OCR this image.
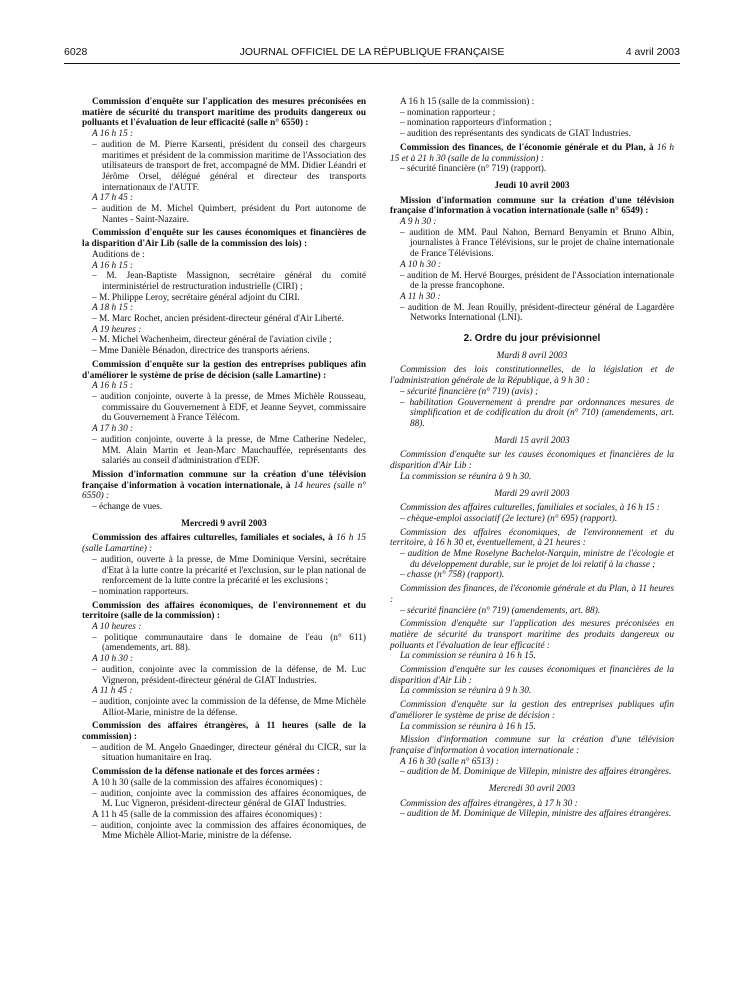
6028	JOURNAL OFFICIEL DE LA RÉPUBLIQUE FRANÇAISE	4 avril 2003
Commission d'enquête sur l'application des mesures préconisées en matière de sécurité du transport maritime des produits dangereux ou polluants et l'évaluation de leur efficacité (salle n° 6550) :
A 16 h 15 :
– audition de M. Pierre Karsenti, président du conseil des chargeurs maritimes et président de la commission maritime de l'Association des utilisateurs de transport de fret, accompagné de MM. Didier Léandri et Jérôme Orsel, délégué général et directeur des transports internationaux de l'AUTF.
A 17 h 45 :
– audition de M. Michel Quimbert, président du Port autonome de Nantes - Saint-Nazaire.
Commission d'enquête sur les causes économiques et financières de la disparition d'Air Lib (salle de la commission des lois) :
Auditions de :
A 16 h 15 :
– M. Jean-Baptiste Massignon, secrétaire général du comité interministériel de restructuration industrielle (CIRI) ;
– M. Philippe Leroy, secrétaire général adjoint du CIRI.
A 18 h 15 :
– M. Marc Rochet, ancien président-directeur général d'Air Liberté.
A 19 heures :
– M. Michel Wachenheim, directeur général de l'aviation civile ;
– Mme Danièle Bénadon, directrice des transports aériens.
Commission d'enquête sur la gestion des entreprises publiques afin d'améliorer le système de prise de décision (salle Lamartine) :
A 16 h 15 :
– audition conjointe, ouverte à la presse, de Mmes Michèle Rousseau, commissaire du Gouvernement à EDF, et Jeanne Seyvet, commissaire du Gouvernement à France Télécom.
A 17 h 30 :
– audition conjointe, ouverte à la presse, de Mme Catherine Nedelec, MM. Alain Martin et Jean-Marc Mauchauffée, représentants des salariés au conseil d'administration d'EDF.
Mission d'information commune sur la création d'une télévision française d'information à vocation internationale, à 14 heures (salle n° 6550) :
– échange de vues.
Mercredi 9 avril 2003
Commission des affaires culturelles, familiales et sociales, à 16 h 15 (salle Lamartine) :
– audition, ouverte à la presse, de Mme Dominique Versini, secrétaire d'Etat à la lutte contre la précarité et l'exclusion, sur le plan national de renforcement de la lutte contre la précarité et les exclusions ;
– nomination rapporteurs.
Commission des affaires économiques, de l'environnement et du territoire (salle de la commission) :
A 10 heures :
– politique communautaire dans le domaine de l'eau (n° 611) (amendements, art. 88).
A 10 h 30 :
– audition, conjointe avec la commission de la défense, de M. Luc Vigneron, président-directeur général de GIAT Industries.
A 11 h 45 :
– audition, conjointe avec la commission de la défense, de Mme Michèle Alliot-Marie, ministre de la défense.
Commission des affaires étrangères, à 11 heures (salle de la commission) :
– audition de M. Angelo Gnaedinger, directeur général du CICR, sur la situation humanitaire en Iraq.
Commission de la défense nationale et des forces armées :
A 10 h 30 (salle de la commission des affaires économiques) :
– audition, conjointe avec la commission des affaires économiques, de M. Luc Vigneron, président-directeur général de GIAT Industries.
A 11 h 45 (salle de la commission des affaires économiques) :
– audition, conjointe avec la commission des affaires économiques, de Mme Michèle Alliot-Marie, ministre de la défense.
A 16 h 15 (salle de la commission) :
– nomination rapporteur ;
– nomination rapporteurs d'information ;
– audition des représentants des syndicats de GIAT Industries.
Commission des finances, de l'économie générale et du Plan, à 16 h 15 et à 21 h 30 (salle de la commission) :
– sécurité financière (n° 719) (rapport).
Jeudi 10 avril 2003
Mission d'information commune sur la création d'une télévision française d'information à vocation internationale (salle n° 6549) :
A 9 h 30 :
– audition de MM. Paul Nahon, Bernard Benyamin et Bruno Albin, journalistes à France Télévisions, sur le projet de chaîne internationale de France Télévisions.
A 10 h 30 :
– audition de M. Hervé Bourges, président de l'Association internationale de la presse francophone.
A 11 h 30 :
– audition de M. Jean Rouilly, président-directeur général de Lagardère Networks International (LNI).
2. Ordre du jour prévisionnel
Mardi 8 avril 2003
Commission des lois constitutionnelles, de la législation et de l'administration générale de la République, à 9 h 30 :
– sécurité financière (n° 719) (avis) ;
– habilitation Gouvernement à prendre par ordonnances mesures de simplification et de codification du droit (n° 710) (amendements, art. 88).
Mardi 15 avril 2003
Commission d'enquête sur les causes économiques et financières de la disparition d'Air Lib :
La commission se réunira à 9 h 30.
Mardi 29 avril 2003
Commission des affaires culturelles, familiales et sociales, à 16 h 15 :
– chèque-emploi associatif (2e lecture) (n° 695) (rapport).
Commission des affaires économiques, de l'environnement et du territoire, à 16 h 30 et, éventuellement, à 21 heures :
– audition de Mme Roselyne Bachelot-Narquin, ministre de l'écologie et du développement durable, sur le projet de loi relatif à la chasse ;
– chasse (n° 758) (rapport).
Commission des finances, de l'économie générale et du Plan, à 11 heures :
– sécurité financière (n° 719) (amendements, art. 88).
Commission d'enquête sur l'application des mesures préconisées en matière de sécurité du transport maritime des produits dangereux ou polluants et l'évaluation de leur efficacité :
La commission se réunira à 16 h 15.
Commission d'enquête sur les causes économiques et financières de la disparition d'Air Lib :
La commission se réunira à 9 h 30.
Commission d'enquête sur la gestion des entreprises publiques afin d'améliorer le système de prise de décision :
La commission se réunira à 16 h 15.
Mission d'information commune sur la création d'une télévision française d'information à vocation internationale :
A 16 h 30 (salle n° 6513) :
– audition de M. Dominique de Villepin, ministre des affaires étrangères.
Mercredi 30 avril 2003
Commission des affaires étrangères, à 17 h 30 :
– audition de M. Dominique de Villepin, ministre des affaires étrangères.
